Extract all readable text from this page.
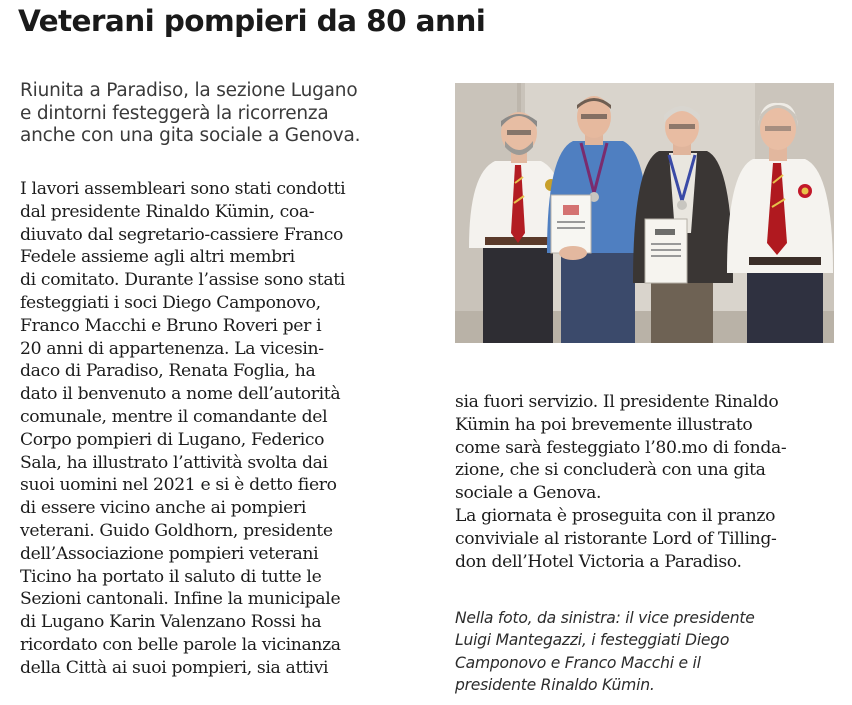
Veterani pompieri da 80 anni
Riunita a Paradiso, la sezione Lugano
e dintorni festeggerà la ricorrenza
anche con una gita sociale a Genova.
I lavori assembleari sono stati condotti
dal presidente Rinaldo Kümin, coa-
diuvato dal segretario-cassiere Franco
Fedele assieme agli altri membri
di comitato. Durante l’assise sono stati
festeggiati i soci Diego Camponovo,
Franco Macchi e Bruno Roveri per i
20 anni di appartenenza. La vicesin-
daco di Paradiso, Renata Foglia, ha
dato il benvenuto a nome dell’autorità
comunale, mentre il comandante del
Corpo pompieri di Lugano, Federico
Sala, ha illustrato l’attività svolta dai
suoi uomini nel 2021 e si è detto fiero
di essere vicino anche ai pompieri
veterani. Guido Goldhorn, presidente
dell’Associazione pompieri veterani
Ticino ha portato il saluto di tutte le
Sezioni cantonali. Infine la municipale
di Lugano Karin Valenzano Rossi ha
ricordato con belle parole la vicinanza
della Città ai suoi pompieri, sia attivi
sia fuori servizio. Il presidente Rinaldo
Kümin ha poi brevemente illustrato
come sarà festeggiato l’80.mo di fonda-
zione, che si concluderà con una gita
sociale a Genova.
La giornata è proseguita con il pranzo
conviviale al ristorante Lord of Tilling-
don dell’Hotel Victoria a Paradiso.
Nella foto, da sinistra: il vice presidente
Luigi Mantegazzi, i festeggiati Diego
Camponovo e Franco Macchi e il
presidente Rinaldo Kümin.
